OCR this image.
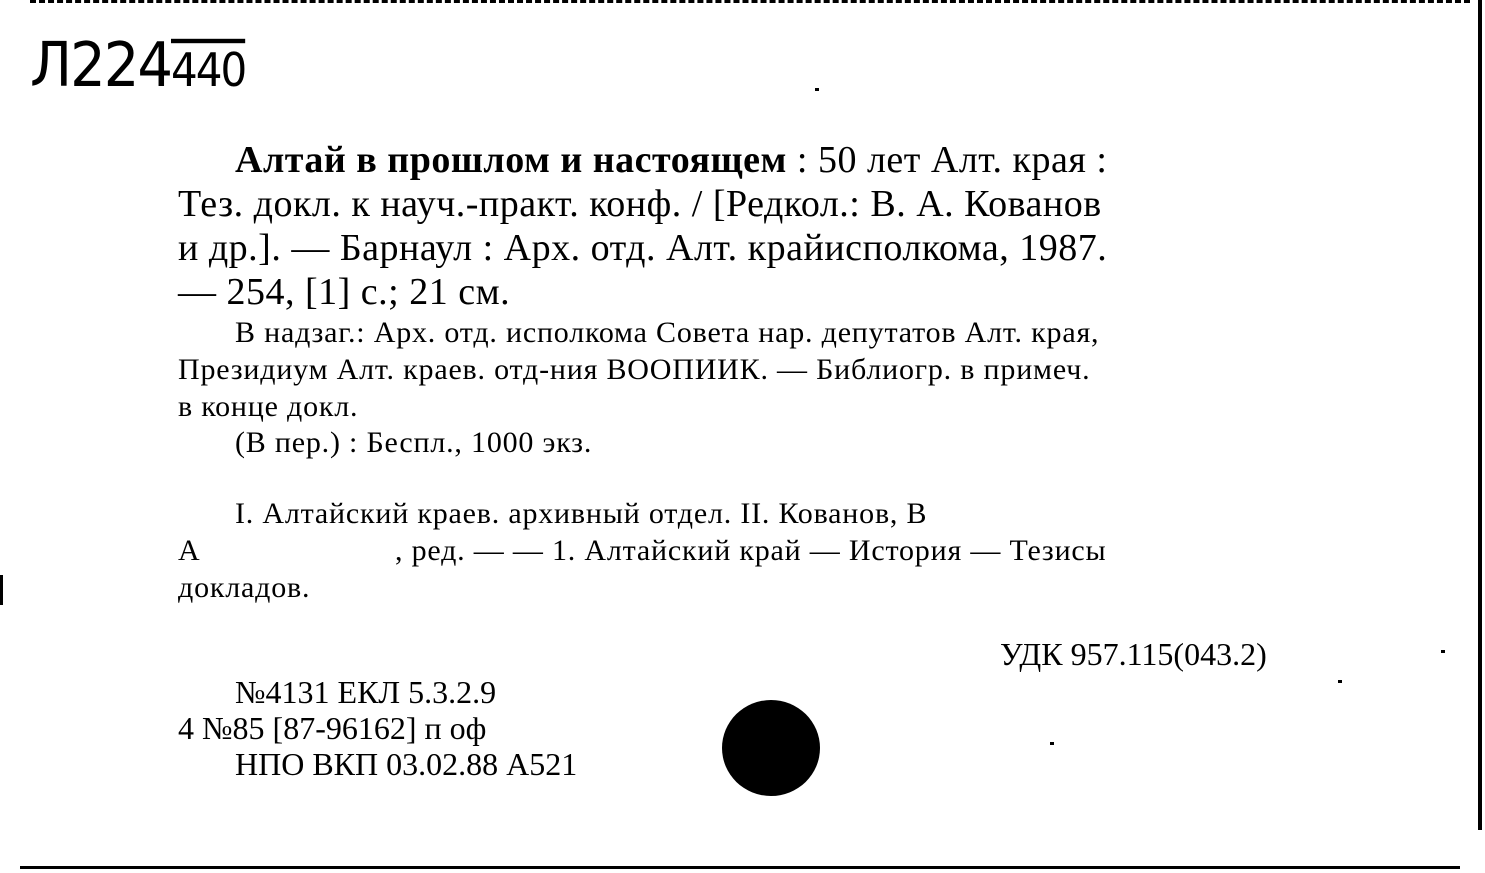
Л224440
Алтай в прошлом и настоящем : 50 лет Алт. края :
Тез. докл. к науч.-практ. конф. / [Редкол.: В. А. Кованов
и др.]. — Барнаул : Арх. отд. Алт. крайисполкома, 1987.
— 254, [1] с.; 21 см.
В надзаг.: Арх. отд. исполкома Совета нар. депутатов Алт. края,
Президиум Алт. краев. отд-ния ВООПИИК. — Библиогр. в примеч.
в конце докл.
(В пер.) : Беспл., 1000 экз.
I. Алтайский краев. архивный отдел. II. Кованов, В
А	, ред. — — 1. Алтайский край — История — Тезисы
докладов.
УДК 957.115(043.2)
№4131 ЕКЛ 5.3.2.9
4 №85 [87-96162] п оф
НПО ВКП 03.02.88 А521
